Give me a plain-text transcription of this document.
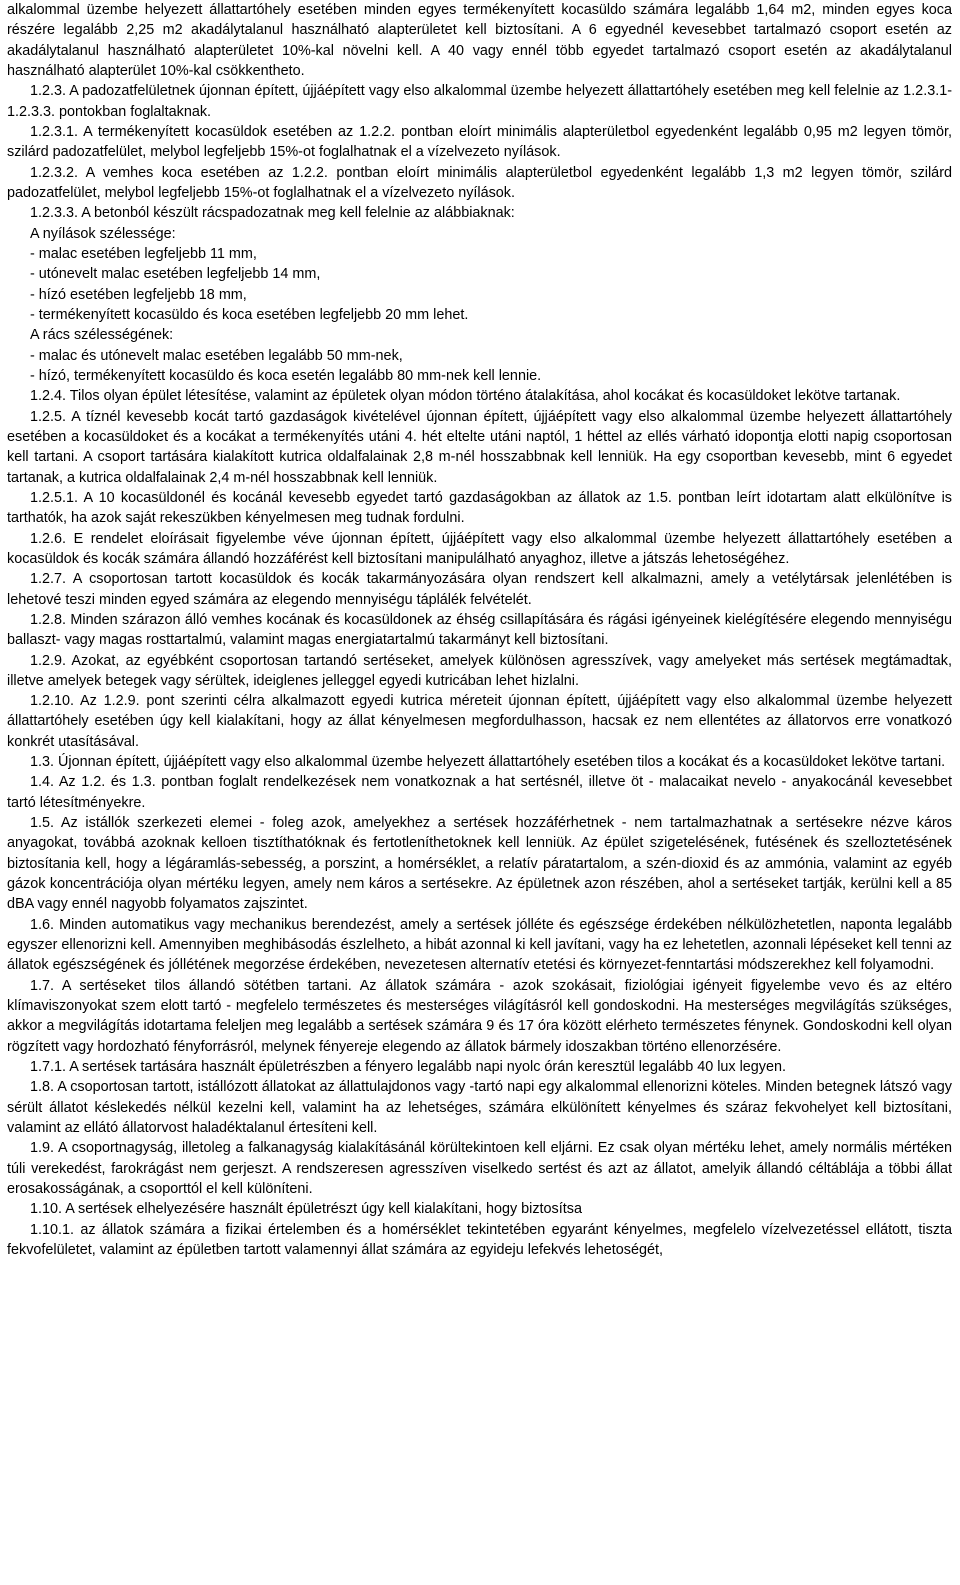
alkalommal üzembe helyezett állattartóhely esetében minden egyes termékenyített kocasüldo számára legalább 1,64 m2, minden egyes koca részére legalább 2,25 m2 akadálytalanul használható alapterületet kell biztosítani. A 6 egyednél kevesebbet tartalmazó csoport esetén az akadálytalanul használható alapterületet 10%-kal növelni kell. A 40 vagy ennél több egyedet tartalmazó csoport esetén az akadálytalanul használható alapterület 10%-kal csökkentheto.

1.2.3. A padozatfelületnek újonnan épített, újjáépített vagy elso alkalommal üzembe helyezett állattartóhely esetében meg kell felelnie az 1.2.3.1-1.2.3.3. pontokban foglaltaknak.

1.2.3.1. A termékenyített kocasüldok esetében az 1.2.2. pontban eloírt minimális alapterületbol egyedenként legalább 0,95 m2 legyen tömör, szilárd padozatfelület, melybol legfeljebb 15%-ot foglalhatnak el a vízelvezeto nyílások.

1.2.3.2. A vemhes koca esetében az 1.2.2. pontban eloírt minimális alapterületbol egyedenként legalább 1,3 m2 legyen tömör, szilárd padozatfelület, melybol legfeljebb 15%-ot foglalhatnak el a vízelvezeto nyílások.

1.2.3.3. A betonból készült rácspadozatnak meg kell felelnie az alábbiaknak:

A nyílások szélessége:

- malac esetében legfeljebb 11 mm,

- utónevelt malac esetében legfeljebb 14 mm,

- hízó esetében legfeljebb 18 mm,

- termékenyített kocasüldo és koca esetében legfeljebb 20 mm lehet.

A rács szélességének:

- malac és utónevelt malac esetében legalább 50 mm-nek,

- hízó, termékenyített kocasüldo és koca esetén legalább 80 mm-nek kell lennie.

1.2.4. Tilos olyan épület létesítése, valamint az épületek olyan módon történo átalakítása, ahol kocákat és kocasüldoket lekötve tartanak.

1.2.5. A tíznél kevesebb kocát tartó gazdaságok kivételével újonnan épített, újjáépített vagy elso alkalommal üzembe helyezett állattartóhely esetében a kocasüldoket és a kocákat a termékenyítés utáni 4. hét eltelte utáni naptól, 1 héttel az ellés várható idopontja elotti napig csoportosan kell tartani. A csoport tartására kialakított kutrica oldalfalainak 2,8 m-nél hosszabbnak kell lenniük. Ha egy csoportban kevesebb, mint 6 egyedet tartanak, a kutrica oldalfalainak 2,4 m-nél hosszabbnak kell lenniük.

1.2.5.1. A 10 kocasüldonél és kocánál kevesebb egyedet tartó gazdaságokban az állatok az 1.5. pontban leírt idotartam alatt elkülönítve is tarthatók, ha azok saját rekeszükben kényelmesen meg tudnak fordulni.

1.2.6. E rendelet eloírásait figyelembe véve újonnan épített, újjáépített vagy elso alkalommal üzembe helyezett állattartóhely esetében a kocasüldok és kocák számára állandó hozzáférést kell biztosítani manipulálható anyaghoz, illetve a játszás lehetoségéhez.

1.2.7. A csoportosan tartott kocasüldok és kocák takarmányozására olyan rendszert kell alkalmazni, amely a vetélytársak jelenlétében is lehetové teszi minden egyed számára az elegendo mennyiségu táplálék felvételét.

1.2.8. Minden szárazon álló vemhes kocának és kocasüldonek az éhség csillapítására és rágási igényeinek kielégítésére elegendo mennyiségu ballaszt- vagy magas rosttartalmú, valamint magas energiatartalmú takarmányt kell biztosítani.

1.2.9. Azokat, az egyébként csoportosan tartandó sertéseket, amelyek különösen agresszívek, vagy amelyeket más sertések megtámadtak, illetve amelyek betegek vagy sérültek, ideiglenes jelleggel egyedi kutricában lehet hizlalni.

1.2.10. Az 1.2.9. pont szerinti célra alkalmazott egyedi kutrica méreteit újonnan épített, újjáépített vagy elso alkalommal üzembe helyezett állattartóhely esetében úgy kell kialakítani, hogy az állat kényelmesen megfordulhasson, hacsak ez nem ellentétes az állatorvos erre vonatkozó konkrét utasításával.

1.3. Újonnan épített, újjáépített vagy elso alkalommal üzembe helyezett állattartóhely esetében tilos a kocákat és a kocasüldoket lekötve tartani.

1.4. Az 1.2. és 1.3. pontban foglalt rendelkezések nem vonatkoznak a hat sertésnél, illetve öt - malacaikat nevelo - anyakocánál kevesebbet tartó létesítményekre.

1.5. Az istállók szerkezeti elemei - foleg azok, amelyekhez a sertések hozzáférhetnek - nem tartalmazhatnak a sertésekre nézve káros anyagokat, továbbá azoknak kelloen tisztíthatóknak és fertotleníthetoknek kell lenniük. Az épület szigetelésének, futésének és szelloztetésének biztosítania kell, hogy a légáramlás-sebesség, a porszint, a homérséklet, a relatív páratartalom, a szén-dioxid és az ammónia, valamint az egyéb gázok koncentrációja olyan mértéku legyen, amely nem káros a sertésekre. Az épületnek azon részében, ahol a sertéseket tartják, kerülni kell a 85 dBA vagy ennél nagyobb folyamatos zajszintet.

1.6. Minden automatikus vagy mechanikus berendezést, amely a sertések jólléte és egészsége érdekében nélkülözhetetlen, naponta legalább egyszer ellenorizni kell. Amennyiben meghibásodás észlelheto, a hibát azonnal ki kell javítani, vagy ha ez lehetetlen, azonnali lépéseket kell tenni az állatok egészségének és jóllétének megorzése érdekében, nevezetesen alternatív etetési és környezet-fenntartási módszerekhez kell folyamodni.

1.7. A sertéseket tilos állandó sötétben tartani. Az állatok számára - azok szokásait, fiziológiai igényeit figyelembe vevo és az eltéro klímaviszonyokat szem elott tartó - megfelelo természetes és mesterséges világításról kell gondoskodni. Ha mesterséges megvilágítás szükséges, akkor a megvilágítás idotartama feleljen meg legalább a sertések számára 9 és 17 óra között elérheto természetes fénynek. Gondoskodni kell olyan rögzített vagy hordozható fényforrásról, melynek fényereje elegendo az állatok bármely idoszakban történo ellenorzésére.

1.7.1. A sertések tartására használt épületrészben a fényero legalább napi nyolc órán keresztül legalább 40 lux legyen.

1.8. A csoportosan tartott, istállózott állatokat az állattulajdonos vagy -tartó napi egy alkalommal ellenorizni köteles. Minden betegnek látszó vagy sérült állatot késlekedés nélkül kezelni kell, valamint ha az lehetséges, számára elkülönített kényelmes és száraz fekvohelyet kell biztosítani, valamint az ellátó állatorvost haladéktalanul értesíteni kell.

1.9. A csoportnagyság, illetoleg a falkanagyság kialakításánál körültekintoen kell eljárni. Ez csak olyan mértéku lehet, amely normális mértéken túli verekedést, farokrágást nem gerjeszt. A rendszeresen agresszíven viselkedo sertést és azt az állatot, amelyik állandó céltáblája a többi állat erosakosságának, a csoporttól el kell különíteni.

1.10. A sertések elhelyezésére használt épületrészt úgy kell kialakítani, hogy biztosítsa

1.10.1. az állatok számára a fizikai értelemben és a homérséklet tekintetében egyaránt kényelmes, megfelelo vízelvezetéssel ellátott, tiszta fekvofelületet, valamint az épületben tartott valamennyi állat számára az egyideju lefekvés lehetoségét,
